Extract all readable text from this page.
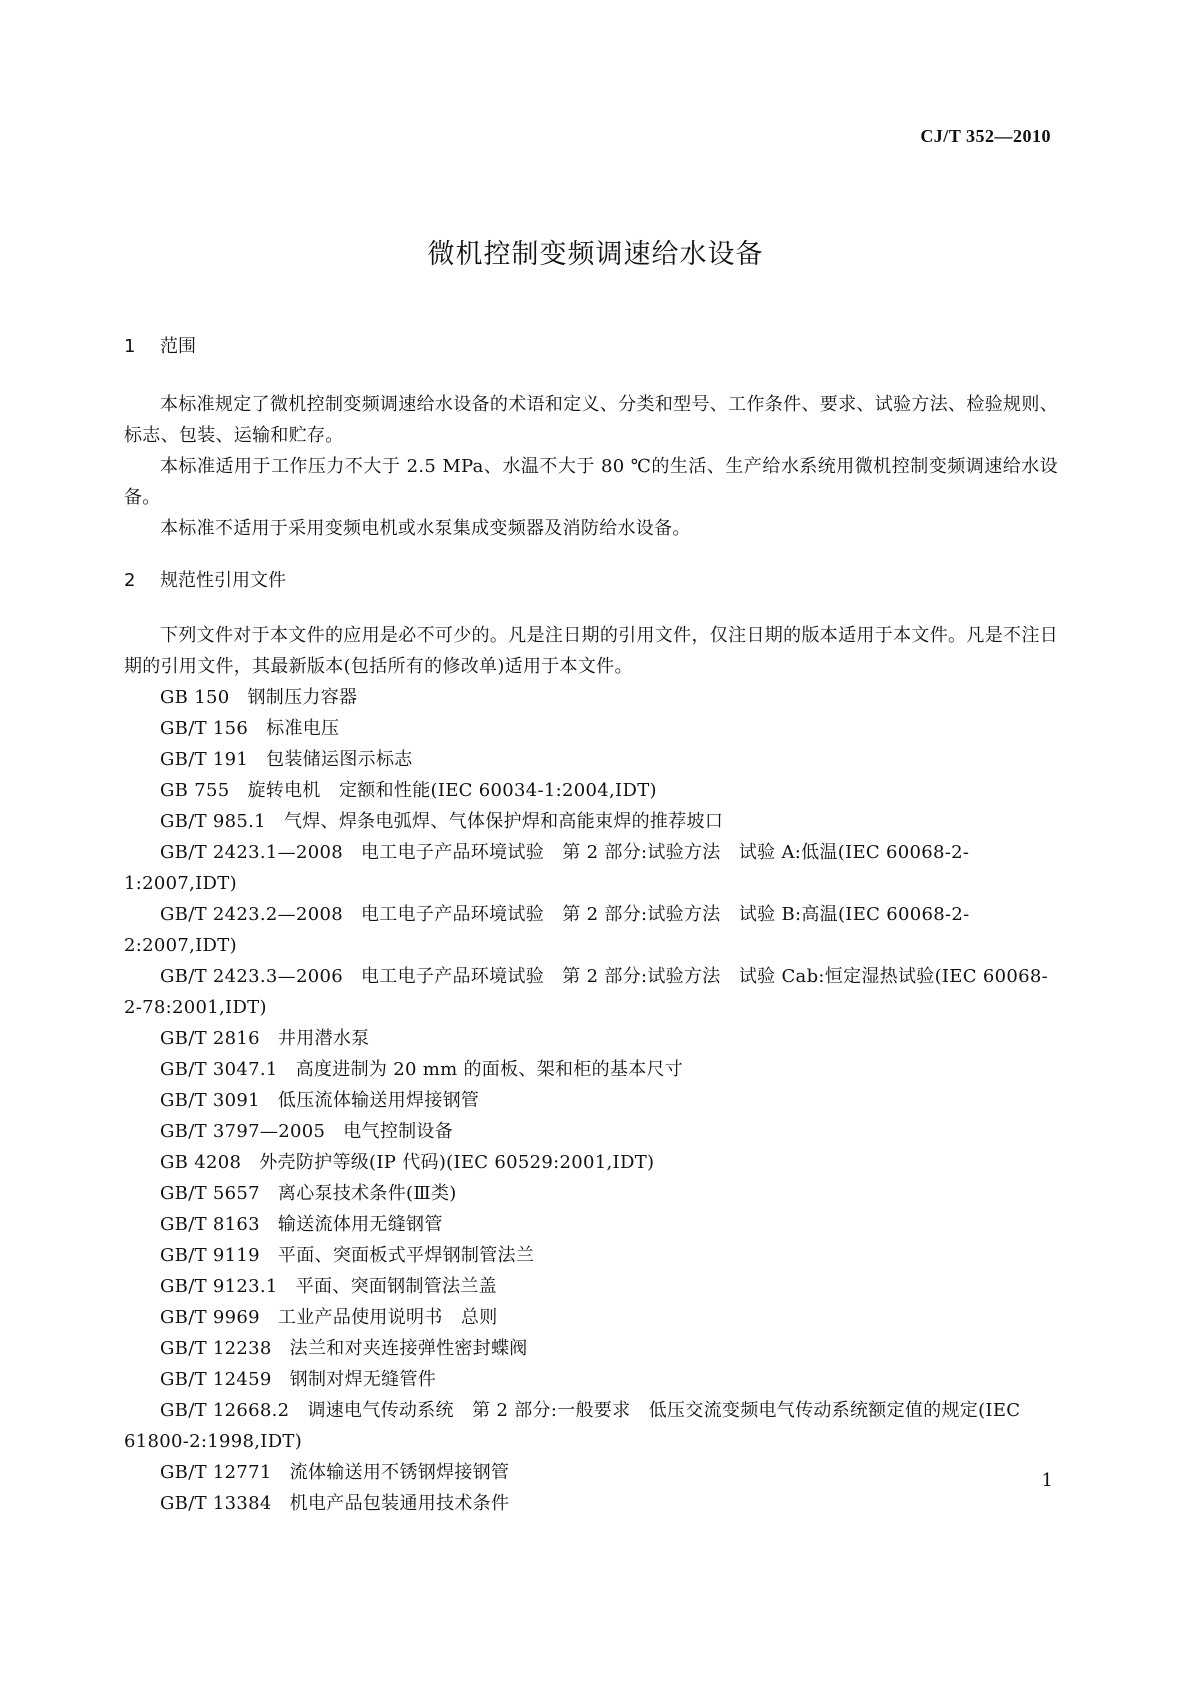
CJ/T 352—2010
微机控制变频调速给水设备
1 范围

本标准规定了微机控制变频调速给水设备的术语和定义、分类和型号、工作条件、要求、试验方法、检验规则、标志、包装、运输和贮存。

本标准适用于工作压力不大于 2.5 MPa、水温不大于 80 ℃的生活、生产给水系统用微机控制变频调速给水设备。

本标准不适用于采用变频电机或水泵集成变频器及消防给水设备。

2 规范性引用文件

下列文件对于本文件的应用是必不可少的。凡是注日期的引用文件，仅注日期的版本适用于本文件。凡是不注日期的引用文件，其最新版本(包括所有的修改单)适用于本文件。

GB 150 钢制压力容器
GB/T 156 标准电压
GB/T 191 包装储运图示标志
GB 755 旋转电机　定额和性能(IEC 60034-1:2004,IDT)
GB/T 985.1 气焊、焊条电弧焊、气体保护焊和高能束焊的推荐坡口
GB/T 2423.1—2008 电工电子产品环境试验　第 2 部分:试验方法　试验 A:低温(IEC 60068-2-1:2007,IDT)
GB/T 2423.2—2008 电工电子产品环境试验　第 2 部分:试验方法　试验 B:高温(IEC 60068-2-2:2007,IDT)
GB/T 2423.3—2006 电工电子产品环境试验　第 2 部分:试验方法　试验 Cab:恒定湿热试验(IEC 60068-2-78:2001,IDT)
GB/T 2816 井用潜水泵
GB/T 3047.1 高度进制为 20 mm 的面板、架和柜的基本尺寸
GB/T 3091 低压流体输送用焊接钢管
GB/T 3797—2005 电气控制设备
GB 4208 外壳防护等级(IP 代码)(IEC 60529:2001,IDT)
GB/T 5657 离心泵技术条件(Ⅲ类)
GB/T 8163 输送流体用无缝钢管
GB/T 9119 平面、突面板式平焊钢制管法兰
GB/T 9123.1 平面、突面钢制管法兰盖
GB/T 9969 工业产品使用说明书　总则
GB/T 12238 法兰和对夹连接弹性密封蝶阀
GB/T 12459 钢制对焊无缝管件
GB/T 12668.2 调速电气传动系统　第 2 部分:一般要求　低压交流变频电气传动系统额定值的规定(IEC 61800-2:1998,IDT)
GB/T 12771 流体输送用不锈钢焊接钢管
GB/T 13384 机电产品包装通用技术条件
1
